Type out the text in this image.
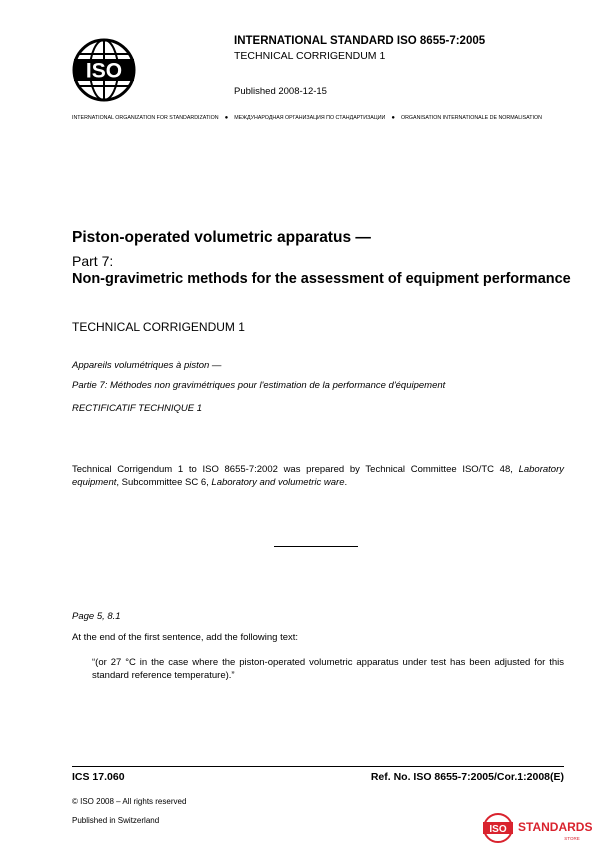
ISO
INTERNATIONAL STANDARD ISO 8655-7:2005
TECHNICAL CORRIGENDUM 1
Published 2008-12-15
INTERNATIONAL ORGANIZATION FOR STANDARDIZATION ● МЕЖДУНАРОДНАЯ ОРГАНИЗАЦИЯ ПО СТАНДАРТИЗАЦИИ ● ORGANISATION INTERNATIONALE DE NORMALISATION
Piston-operated volumetric apparatus —
Part 7:
Non-gravimetric methods for the assessment of equipment performance
TECHNICAL CORRIGENDUM 1
Appareils volumétriques à piston —
Partie 7: Méthodes non gravimétriques pour l'estimation de la performance d'équipement
RECTIFICATIF TECHNIQUE 1
Technical Corrigendum 1 to ISO 8655-7:2002 was prepared by Technical Committee ISO/TC 48, Laboratory equipment, Subcommittee SC 6, Laboratory and volumetric ware.
Page 5, 8.1
At the end of the first sentence, add the following text:
“(or 27 °C in the case where the piston-operated volumetric apparatus under test has been adjusted for this standard reference temperature).”
ICS 17.060	Ref. No. ISO 8655-7:2005/Cor.1:2008(E)
© ISO 2008 – All rights reserved
Published in Switzerland
ISO STANDARDS
STORE
